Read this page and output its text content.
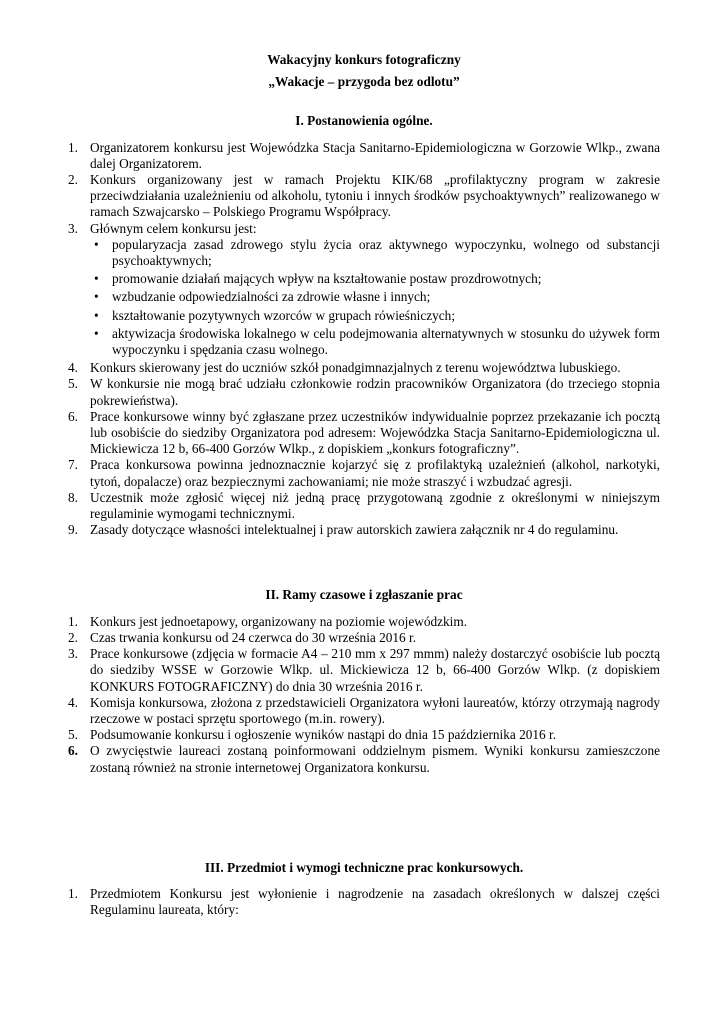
Wakacyjny konkurs fotograficzny
„Wakacje – przygoda bez odlotu”
I. Postanowienia ogólne.
1. Organizatorem konkursu jest Wojewódzka Stacja Sanitarno-Epidemiologiczna w Gorzowie Wlkp., zwana dalej Organizatorem.
2. Konkurs organizowany jest w ramach Projektu KIK/68 „profilaktyczny program w zakresie przeciwdziałania uzależnieniu od alkoholu, tytoniu i innych środków psychoaktywnych” realizowanego w ramach Szwajcarsko – Polskiego Programu Współpracy.
3. Głównym celem konkursu jest:
• popularyzacja zasad zdrowego stylu życia oraz aktywnego wypoczynku, wolnego od substancji psychoaktywnych;
• promowanie działań mających wpływ na kształtowanie postaw prozdrowotnych;
• wzbudzanie odpowiedzialności za zdrowie własne i innych;
• kształtowanie pozytywnych wzorców w grupach rówieśniczych;
• aktywizacja środowiska lokalnego w celu podejmowania alternatywnych w stosunku do używek form wypoczynku i spędzania czasu wolnego.
4. Konkurs skierowany jest do uczniów szkół ponadgimnazjalnych z terenu województwa lubuskiego.
5. W konkursie nie mogą brać udziału członkowie rodzin pracowników Organizatora (do trzeciego stopnia pokrewieństwa).
6. Prace konkursowe winny być zgłaszane przez uczestników indywidualnie poprzez przekazanie ich pocztą lub osobiście do siedziby Organizatora pod adresem: Wojewódzka Stacja Sanitarno-Epidemiologiczna ul. Mickiewicza 12 b, 66-400 Gorzów Wlkp., z dopiskiem „konkurs fotograficzny”.
7. Praca konkursowa powinna jednoznacznie kojarzyć się z profilaktyką uzależnień (alkohol, narkotyki, tytoń, dopalacze) oraz bezpiecznymi zachowaniami; nie może straszyć i wzbudzać agresji.
8. Uczestnik może zgłosić więcej niż jedną pracę przygotowaną zgodnie z określonymi w niniejszym regulaminie wymogami technicznymi.
9. Zasady dotyczące własności intelektualnej i praw autorskich zawiera załącznik nr 4 do regulaminu.
II. Ramy czasowe i zgłaszanie prac
1. Konkurs jest jednoetapowy, organizowany na poziomie wojewódzkim.
2. Czas trwania konkursu od 24 czerwca do 30 września 2016 r.
3. Prace konkursowe (zdjęcia w formacie A4 – 210 mm x 297 mmm) należy dostarczyć osobiście lub pocztą do siedziby WSSE w Gorzowie Wlkp. ul. Mickiewicza 12 b, 66-400 Gorzów Wlkp. (z dopiskiem KONKURS FOTOGRAFICZNY) do dnia 30 września 2016 r.
4. Komisja konkursowa, złożona z przedstawicieli Organizatora wyłoni laureatów, którzy otrzymają nagrody rzeczowe w postaci sprzętu sportowego (m.in. rowery).
5. Podsumowanie konkursu i ogłoszenie wyników nastąpi do dnia 15 października 2016 r.
6. O zwycięstwie laureaci zostaną poinformowani oddzielnym pismem. Wyniki konkursu zamieszczone zostaną również na stronie internetowej Organizatora konkursu.
III. Przedmiot i wymogi techniczne prac konkursowych.
1. Przedmiotem Konkursu jest wyłonienie i nagrodzenie na zasadach określonych w dalszej części Regulaminu laureata, który:
